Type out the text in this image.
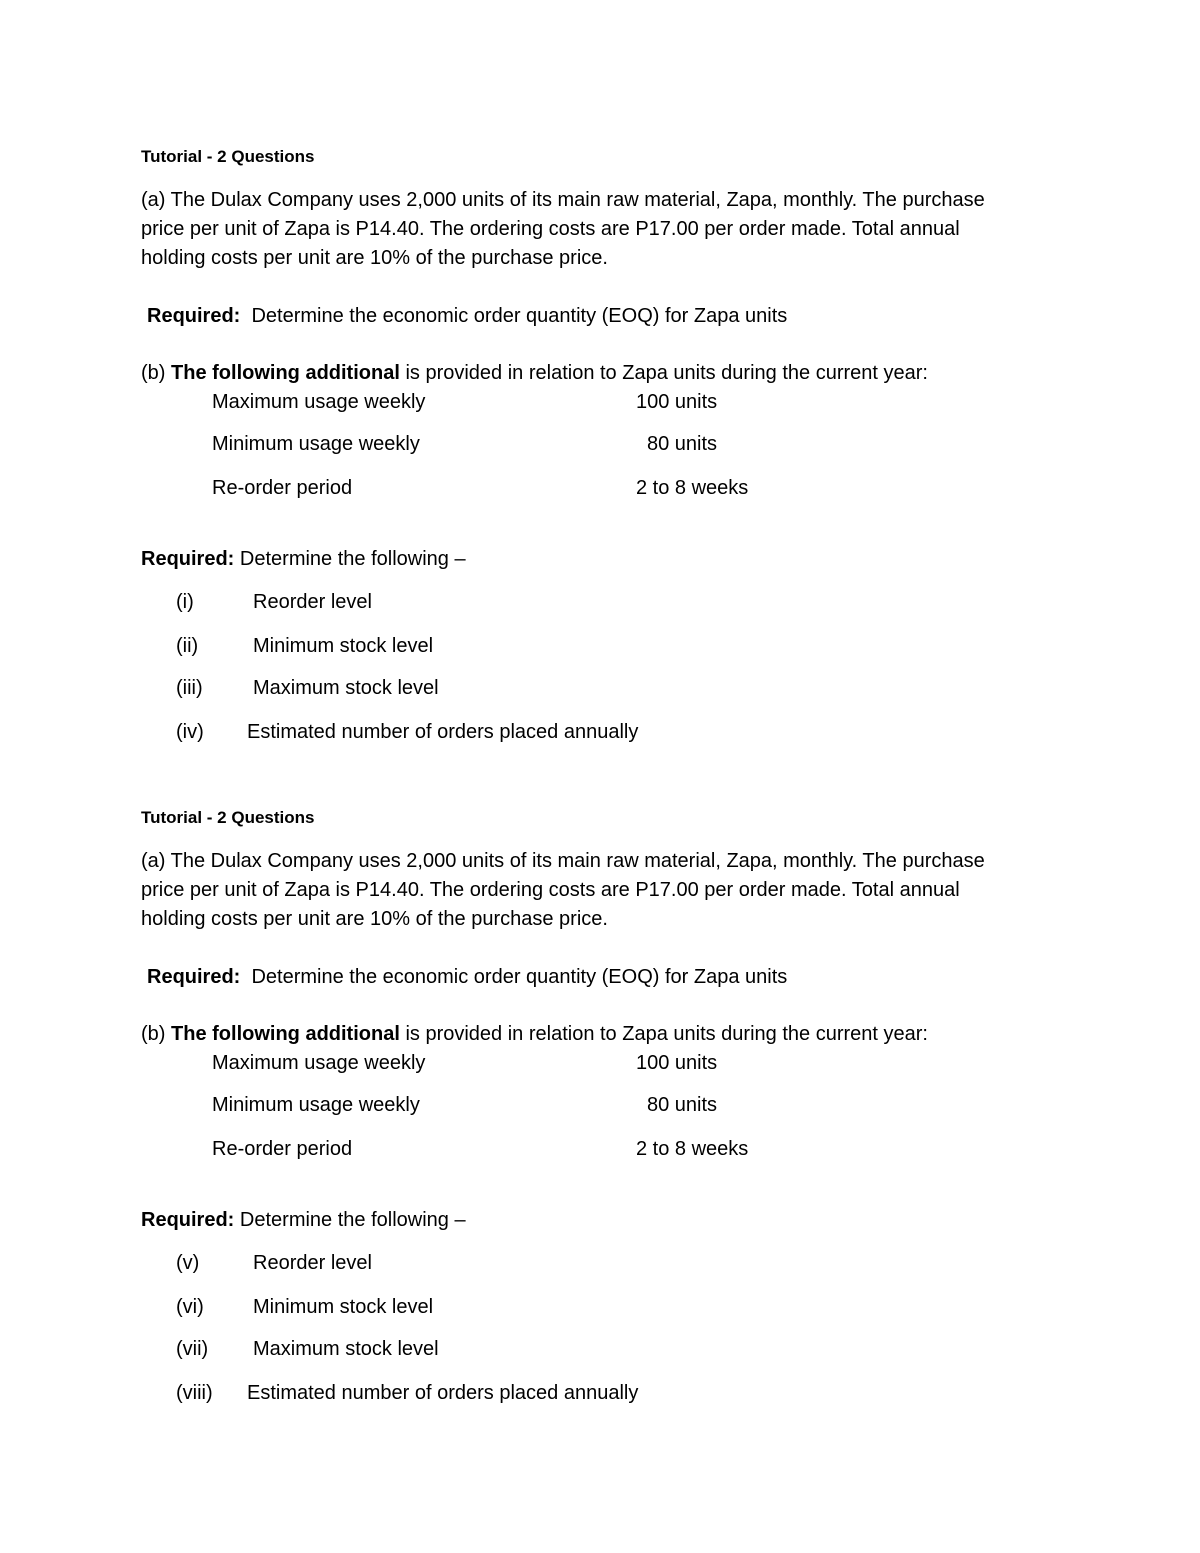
Tutorial - 2 Questions
(a) The Dulax Company uses 2,000 units of its main raw material, Zapa, monthly. The purchase
price per unit of Zapa is P14.40. The ordering costs are P17.00 per order made. Total annual
holding costs per unit are 10% of the purchase price.
Required: Determine the economic order quantity (EOQ) for Zapa units
(b) The following additional is provided in relation to Zapa units during the current year:
Maximum usage weekly	100 units
Minimum usage weekly	80 units
Re-order period	2 to 8 weeks
Required: Determine the following –
(i)	Reorder level
(ii)	Minimum stock level
(iii)	Maximum stock level
(iv) Estimated number of orders placed annually
Tutorial - 2 Questions
(a) The Dulax Company uses 2,000 units of its main raw material, Zapa, monthly. The purchase
price per unit of Zapa is P14.40. The ordering costs are P17.00 per order made. Total annual
holding costs per unit are 10% of the purchase price.
Required: Determine the economic order quantity (EOQ) for Zapa units
(b) The following additional is provided in relation to Zapa units during the current year:
Maximum usage weekly	100 units
Minimum usage weekly	80 units
Re-order period	2 to 8 weeks
Required: Determine the following –
(v)	Reorder level
(vi) Minimum stock level
(vii) Maximum stock level
(viii) Estimated number of orders placed annually
